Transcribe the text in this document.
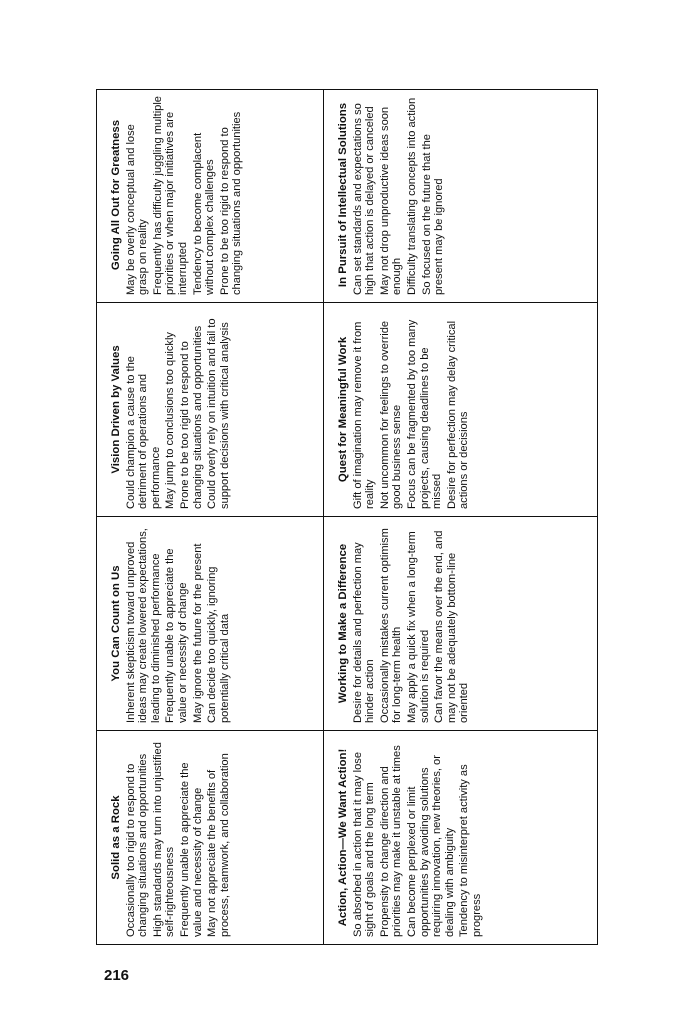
Solid as a Rock Occasionally too rigid to respond to changing situations and opportunities High standards may turn into unjustified self-righteousness Frequently unable to appreciate the value and necessity of change May not appreciate the benefits of process, teamwork, and collaboration
You Can Count on Us Inherent skepticism toward unproved ideas may create lowered expectations, leading to diminished performance Frequently unable to appreciate the value or necessity of change May ignore the future for the present Can decide too quickly, ignoring potentially critical data
Vision Driven by Values Could champion a cause to the detriment of operations and performance May jump to conclusions too quickly Prone to be too rigid to respond to changing situations and opportunities Could overly rely on intuition and fail to support decisions with critical analysis
Going All Out for Greatness May be overly conceptual and lose grasp on reality Frequently has difficulty juggling multiple priorities or when major initiatives are interrupted Tendency to become complacent without complex challenges Prone to be too rigid to respond to changing situations and opportunities
Action, Action—We Want Action! So absorbed in action that it may lose sight of goals and the long term Propensity to change direction and priorities may make it unstable at times Can become perplexed or limit opportunities by avoiding solutions requiring innovation, new theories, or dealing with ambiguity Tendency to misinterpret activity as progress
Working to Make a Difference Desire for details and perfection may hinder action Occasionally mistakes current optimism for long-term health May apply a quick fix when a long-term solution is required Can favor the means over the end, and may not be adequately bottom-line oriented
Quest for Meaningful Work Gift of imagination may remove it from reality Not uncommon for feelings to override good business sense Focus can be fragmented by too many projects, causing deadlines to be missed Desire for perfection may delay critical actions or decisions
In Pursuit of Intellectual Solutions Can set standards and expectations so high that action is delayed or canceled May not drop unproductive ideas soon enough Difficulty translating concepts into action So focused on the future that the present may be ignored
216
